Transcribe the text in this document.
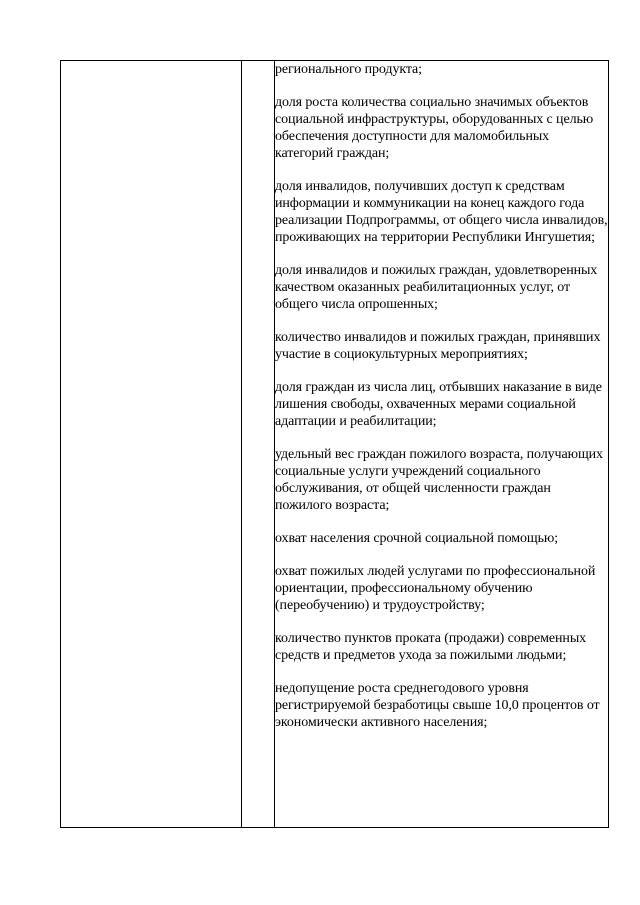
регионального продукта;

доля роста количества социально значимых объектов социальной инфраструктуры, оборудованных с целью обеспечения доступности для маломобильных категорий граждан;

доля инвалидов, получивших доступ к средствам информации и коммуникации на конец каждого года реализации Подпрограммы, от общего числа инвалидов, проживающих на территории Республики Ингушетия;

доля инвалидов и пожилых граждан, удовлетворенных качеством оказанных реабилитационных услуг, от общего числа опрошенных;

количество инвалидов и пожилых граждан, принявших участие в социокультурных мероприятиях;

доля граждан из числа лиц, отбывших наказание в виде лишения свободы, охваченных мерами социальной адаптации и реабилитации;

удельный вес граждан пожилого возраста, получающих социальные услуги учреждений социального обслуживания, от общей численности граждан пожилого возраста;

охват населения срочной социальной помощью;

охват пожилых людей услугами по профессиональной ориентации, профессиональному обучению (переобучению) и трудоустройству;

количество пунктов проката (продажи) современных средств и предметов ухода за пожилыми людьми;

недопущение роста среднегодового уровня регистрируемой безработицы свыше 10,0 процентов от экономически активного населения;
